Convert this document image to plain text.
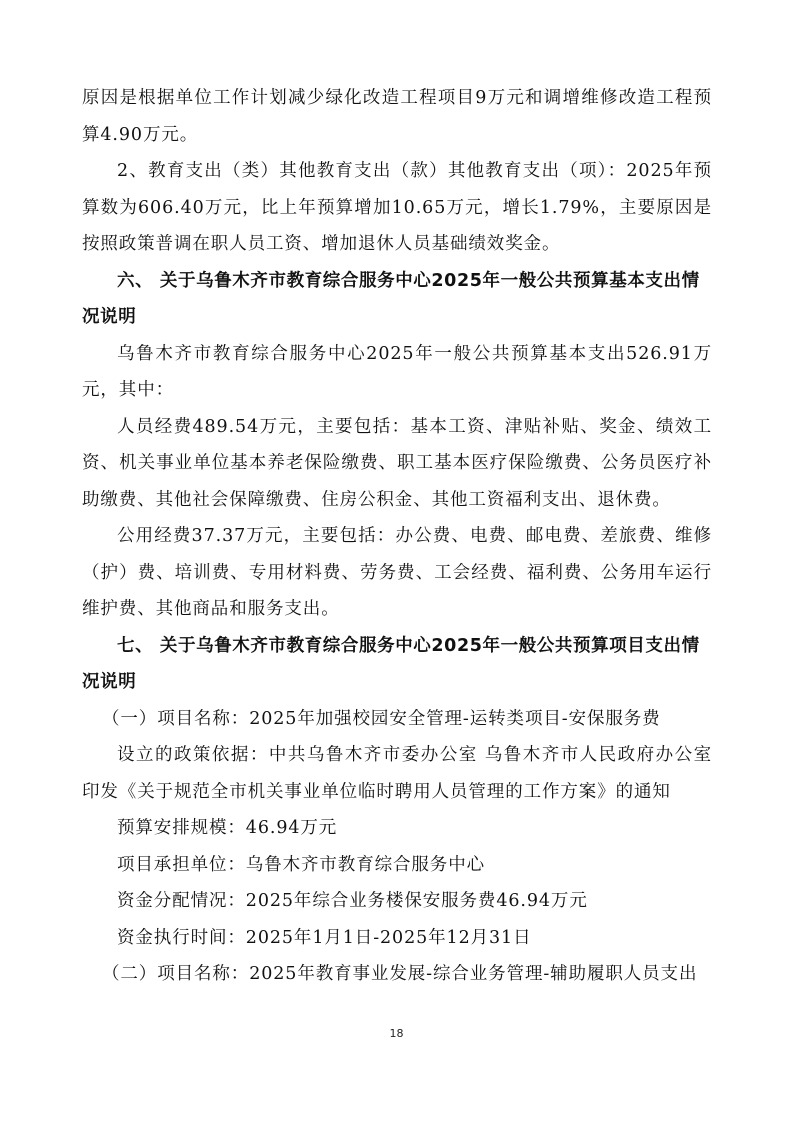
原因是根据单位工作计划减少绿化改造工程项目9万元和调增维修改造工程预算4.90万元。

2、教育支出（类）其他教育支出（款）其他教育支出（项）：2025年预算数为606.40万元，比上年预算增加10.65万元，增长1.79%，主要原因是按照政策普调在职人员工资、增加退休人员基础绩效奖金。

六、 关于乌鲁木齐市教育综合服务中心2025年一般公共预算基本支出情况说明

乌鲁木齐市教育综合服务中心2025年一般公共预算基本支出526.91万元，其中：

人员经费489.54万元，主要包括：基本工资、津贴补贴、奖金、绩效工资、机关事业单位基本养老保险缴费、职工基本医疗保险缴费、公务员医疗补助缴费、其他社会保障缴费、住房公积金、其他工资福利支出、退休费。

公用经费37.37万元，主要包括：办公费、电费、邮电费、差旅费、维修（护）费、培训费、专用材料费、劳务费、工会经费、福利费、公务用车运行维护费、其他商品和服务支出。

七、 关于乌鲁木齐市教育综合服务中心2025年一般公共预算项目支出情况说明

（一）项目名称：2025年加强校园安全管理-运转类项目-安保服务费

设立的政策依据：中共乌鲁木齐市委办公室 乌鲁木齐市人民政府办公室印发《关于规范全市机关事业单位临时聘用人员管理的工作方案》的通知

预算安排规模：46.94万元

项目承担单位：乌鲁木齐市教育综合服务中心

资金分配情况：2025年综合业务楼保安服务费46.94万元

资金执行时间：2025年1月1日-2025年12月31日

（二）项目名称：2025年教育事业发展-综合业务管理-辅助履职人员支出

18
